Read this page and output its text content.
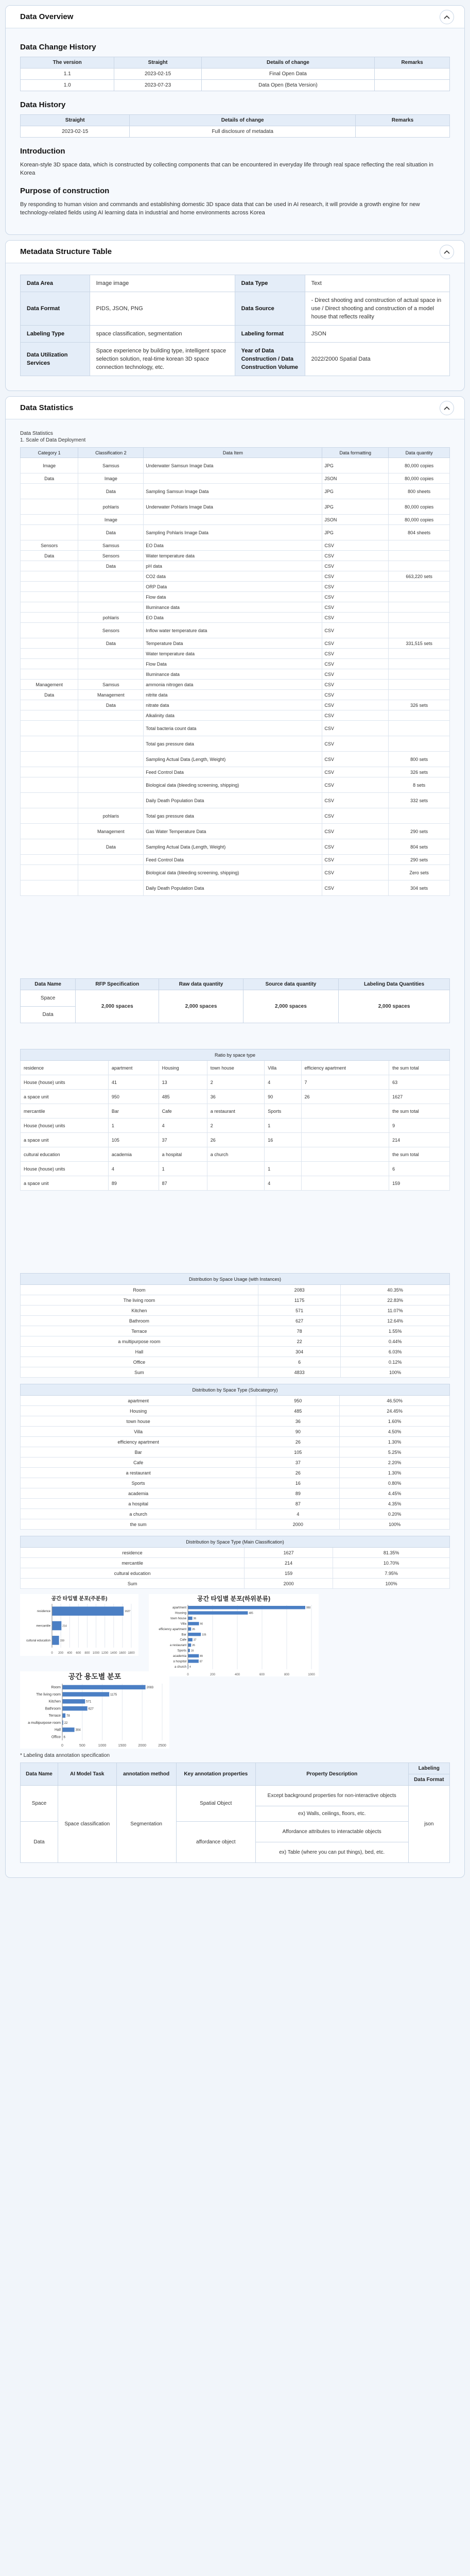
Data Overview
Data Change History
The version	Straight	Details of change	Remarks
1.1	2023-02-15	Final Open Data	
1.0	2023-07-23	Data Open (Beta Version)	
Data History
Straight	Details of change	Remarks
2023-02-15	Full disclosure of metadata	
Introduction

Korean-style 3D space data, which is constructed by collecting components that can be encountered in everyday life through real space reflecting the real situation in Korea

Purpose of construction

By responding to human vision and commands and establishing domestic 3D space data that can be used in AI research, it will provide a growth engine for new technology-related fields using AI learning data in industrial and home environments across Korea

Metadata Structure Table
Data Area	Image image	Data Type	Text
Data Format	PIDS, JSON, PNG	Data Source	- Direct shooting and construction of actual space in use / Direct shooting and construction of a model house that reflects reality
Labeling Type	space classification, segmentation	Labeling format	JSON
Data Utilization Services	Space experience by building type, intelligent space selection solution, real-time korean 3D space connection technology, etc.	Year of Data Construction / Data Construction Volume	2022/2000 Spatial Data
Data Statistics
Data Statistics
1. Scale of Data Deployment
Category 1	Classification 2	Data Item	Data formatting	Data quantity
Image	Samsus	Underwater Samsun Image Data	JPG	80,000 copies
Data	Image		JSON	80,000 copies
	Data	Sampling Samsun Image Data	JPG	800 sheets
	pohlaris	Underwater Pohlaris Image Data	JPG	80,000 copies
	Image		JSON	80,000 copies
	Data	Sampling Pohlaris Image Data	JPG	804 sheets
Sensors	Samsus	EO Data	CSV	
Data	Sensors	Water temperature data	CSV	
	Data	pH data	CSV	
		CO2 data	CSV	663,220 sets
		ORP Data	CSV	
		Flow data	CSV	
		Illuminance data	CSV	
	pohlaris	EO Data	CSV	
	Sensors	Inflow water temperature data	CSV	
	Data	Temperature Data	CSV	331,515 sets
		Water temperature data	CSV	
		Flow Data	CSV	
		Illuminance data	CSV	
Management	Samsus	ammonia nitrogen data	CSV	
Data	Management	nitrite data	CSV	
	Data	nitrate data	CSV	326 sets
		Alkalinity data	CSV	
		Total bacteria count data	CSV	
		Total gas pressure data	CSV	
		Sampling Actual Data (Length, Weight)	CSV	800 sets
		Feed Control Data	CSV	326 sets
		Biological data (bleeding screening, shipping)	CSV	8 sets
		Daily Death Population Data	CSV	332 sets
	pohlaris	Total gas pressure data	CSV	
	Management	Gas Water Temperature Data	CSV	290 sets
	Data	Sampling Actual Data (Length, Weight)	CSV	804 sets
		Feed Control Data	CSV	290 sets
		Biological data (bleeding screening, shipping)	CSV	Zero sets
		Daily Death Population Data	CSV	304 sets
Data Name	RFP Specification	Raw data quantity	Source data quantity	Labeling Data Quantities
Space	2,000 spaces	2,000 spaces	2,000 spaces	2,000 spaces
Data				
Ratio by space type						
residence	apartment	Housing	town house	Villa	efficiency apartment	the sum total
House (house) units	41	13	2	4	7	63
a space unit	950	485	36	90	26	1627
mercantile	Bar	Cafe	a restaurant	Sports		the sum total
House (house) units	1	4	2	1		9
a space unit	105	37	26	16		214
cultural education	academia	a hospital	a church			the sum total
House (house) units	4	1		1		6
a space unit	89	87		4		159
Distribution by Space Usage (with Instances)		
Room	2083	40.35%
The living room	1175	22.83%
Kitchen	571	11.07%
Bathroom	627	12.64%
Terrace	78	1.55%
a multipurpose room	22	0.44%
Hall	304	6.03%
Office	6	0.12%
Sum	4833	100%
Distribution by Space Type (Subcategory)		
apartment	950	46.50%
Housing	485	24.45%
town house	36	1.60%
Villa	90	4.50%
efficiency apartment	26	1.30%
Bar	105	5.25%
Cafe	37	2.20%
a restaurant	26	1.30%
Sports	16	0.80%
academia	89	4.45%
a hospital	87	4.35%
a church	4	0.20%
the sum	2000	100%
Distribution by Space Type (Main Classification)		
residence	1627	81.35%
mercantile	214	10.70%
cultural education	159	7.95%
Sum	2000	100%
공간 타입별 분포(주분류)
0 200 400 600 800 1000 1200 1400 1600 1800
residence	1627
mercantile	214
cultural education	159
공간 타입별 분포(하위분류)
0	200	400	600	800	1000
apartment	950
Housing	485
town house	36
Villa	90
efficiency apartment 26
Bar	105
Cafe	37
a restaurant 26
Sports 16
academia	89
a hospital	87
a church 4
공간 용도별 분포
0	500	1000	1500	2000	2500
Room	2083
The living room	1175
Kitchen	571
Bathroom	627
Terrace 78
a multipurpose room 22
Hall	304
Office 6
* Labeling data annotation specification
Data Name	AI Model Task	annotation method	Key annotation properties	Property Description	Labeling
					Data Format
Space	Space classification	Segmentation	Spatial Object	Except background properties for non-interactive objects	json
				ex) Walls, ceilings, floors, etc.	
Data			affordance object	Affordance attributes to interactable objects	
				ex) Table (where you can put things), bed, etc.	
